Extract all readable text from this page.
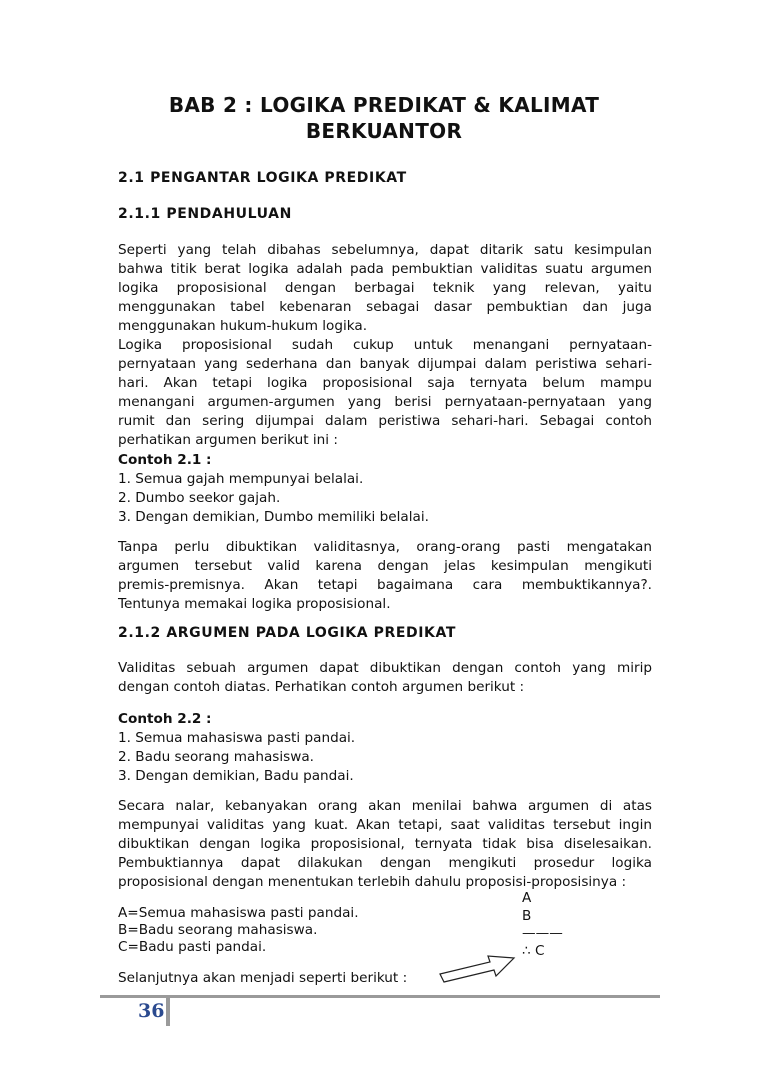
BAB 2 : LOGIKA PREDIKAT & KALIMAT
BERKUANTOR
2.1 PENGANTAR LOGIKA PREDIKAT
2.1.1 PENDAHULUAN
Seperti yang telah dibahas sebelumnya, dapat ditarik satu kesimpulan
bahwa titik berat logika adalah pada pembuktian validitas suatu argumen
logika proposisional dengan berbagai teknik yang relevan, yaitu
menggunakan tabel kebenaran sebagai dasar pembuktian dan juga
menggunakan hukum-hukum logika.
Logika proposisional sudah cukup untuk menangani pernyataan-
pernyataan yang sederhana dan banyak dijumpai dalam peristiwa sehari-
hari. Akan tetapi logika proposisional saja ternyata belum mampu
menangani argumen-argumen yang berisi pernyataan-pernyataan yang
rumit dan sering dijumpai dalam peristiwa sehari-hari. Sebagai contoh
perhatikan argumen berikut ini :
Contoh 2.1 :
1. Semua gajah mempunyai belalai.
2. Dumbo seekor gajah.
3. Dengan demikian, Dumbo memiliki belalai.
Tanpa perlu dibuktikan validitasnya, orang-orang pasti mengatakan
argumen tersebut valid karena dengan jelas kesimpulan mengikuti
premis-premisnya. Akan tetapi bagaimana cara membuktikannya?.
Tentunya memakai logika proposisional.
2.1.2 ARGUMEN PADA LOGIKA PREDIKAT
Validitas sebuah argumen dapat dibuktikan dengan contoh yang mirip
dengan contoh diatas. Perhatikan contoh argumen berikut :
Contoh 2.2 :
1. Semua mahasiswa pasti pandai.
2. Badu seorang mahasiswa.
3. Dengan demikian, Badu pandai.
Secara nalar, kebanyakan orang akan menilai bahwa argumen di atas
mempunyai validitas yang kuat. Akan tetapi, saat validitas tersebut ingin
dibuktikan dengan logika proposisional, ternyata tidak bisa diselesaikan.
Pembuktiannya dapat dilakukan dengan mengikuti prosedur logika
proposisional dengan menentukan terlebih dahulu proposisi-proposisinya :
A=Semua mahasiswa pasti pandai.
B=Badu seorang mahasiswa.
C=Badu pasti pandai.
A
B
———
∴ C
Selanjutnya akan menjadi seperti berikut :
36
